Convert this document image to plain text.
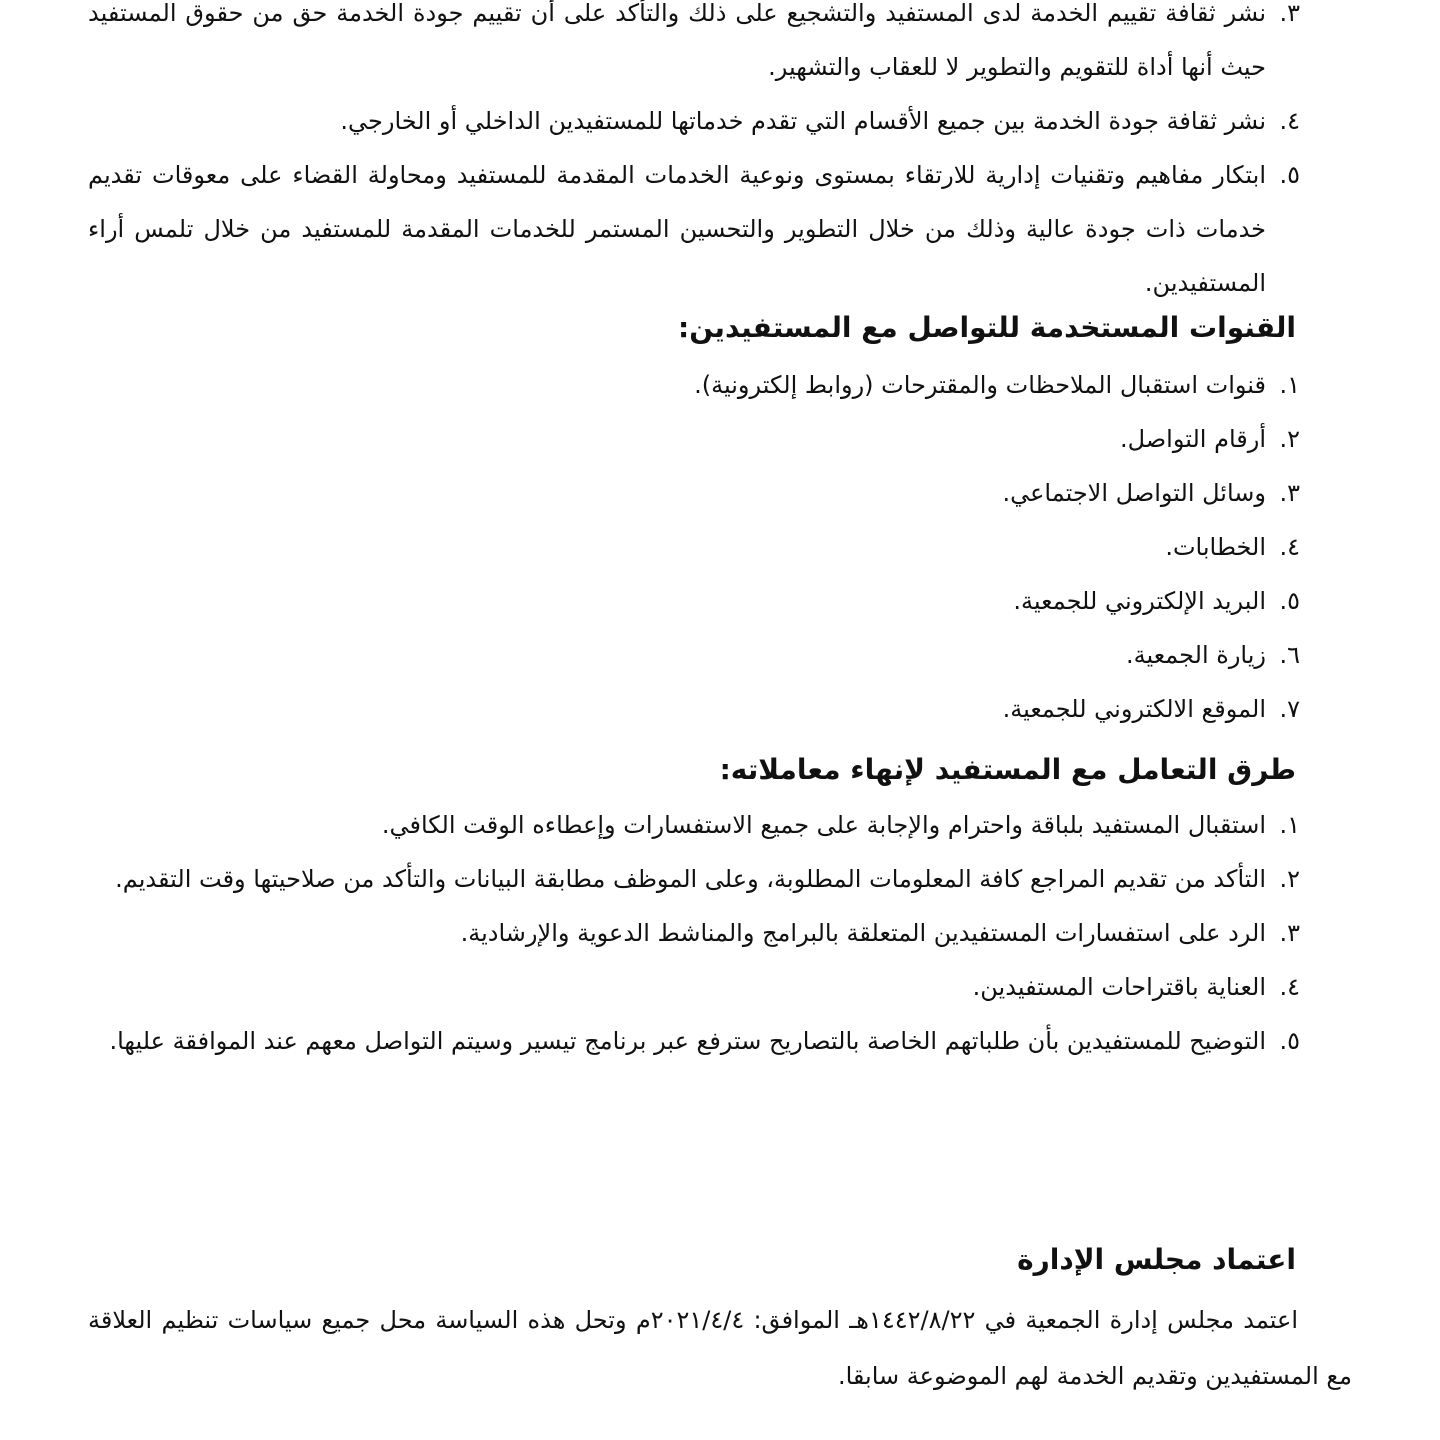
٣.
نشر ثقافة تقييم الخدمة لدى المستفيد والتشجيع على ذلك والتأكد على أن تقييم جودة الخدمة حق من حقوق المستفيد حيث أنها أداة للتقويم والتطوير لا للعقاب والتشهير.
٤.
نشر ثقافة جودة الخدمة بين جميع الأقسام التي تقدم خدماتها للمستفيدين الداخلي أو الخارجي.
٥.
ابتكار مفاهيم وتقنيات إدارية للارتقاء بمستوى ونوعية الخدمات المقدمة للمستفيد ومحاولة القضاء على معوقات تقديم خدمات ذات جودة عالية وذلك من خلال التطوير والتحسين المستمر للخدمات المقدمة للمستفيد من خلال تلمس أراء المستفيدين.
القنوات المستخدمة للتواصل مع المستفيدين:
١.
قنوات استقبال الملاحظات والمقترحات (روابط إلكترونية).
٢.
أرقام التواصل.
٣.
وسائل التواصل الاجتماعي.
٤.
الخطابات.
٥.
البريد الإلكتروني للجمعية.
٦.
زيارة الجمعية.
٧.
الموقع الالكتروني للجمعية.
طرق التعامل مع المستفيد لإنهاء معاملاته:
١.
استقبال المستفيد بلباقة واحترام والإجابة على جميع الاستفسارات وإعطاءه الوقت الكافي.
٢.
التأكد من تقديم المراجع كافة المعلومات المطلوبة، وعلى الموظف مطابقة البيانات والتأكد من صلاحيتها وقت التقديم.
٣.
الرد على استفسارات المستفيدين المتعلقة بالبرامج والمناشط الدعوية والإرشادية.
٤.
العناية باقتراحات المستفيدين.
٥.
التوضيح للمستفيدين بأن طلباتهم الخاصة بالتصاريح سترفع عبر برنامج تيسير وسيتم التواصل معهم عند الموافقة عليها.
اعتماد مجلس الإدارة
اعتمد مجلس إدارة الجمعية في ١٤٤٢/٨/٢٢هـ الموافق: ٢٠٢١/٤/٤م وتحل هذه السياسة محل جميع سياسات تنظيم العلاقة مع المستفيدين وتقديم الخدمة لهم الموضوعة سابقا.
